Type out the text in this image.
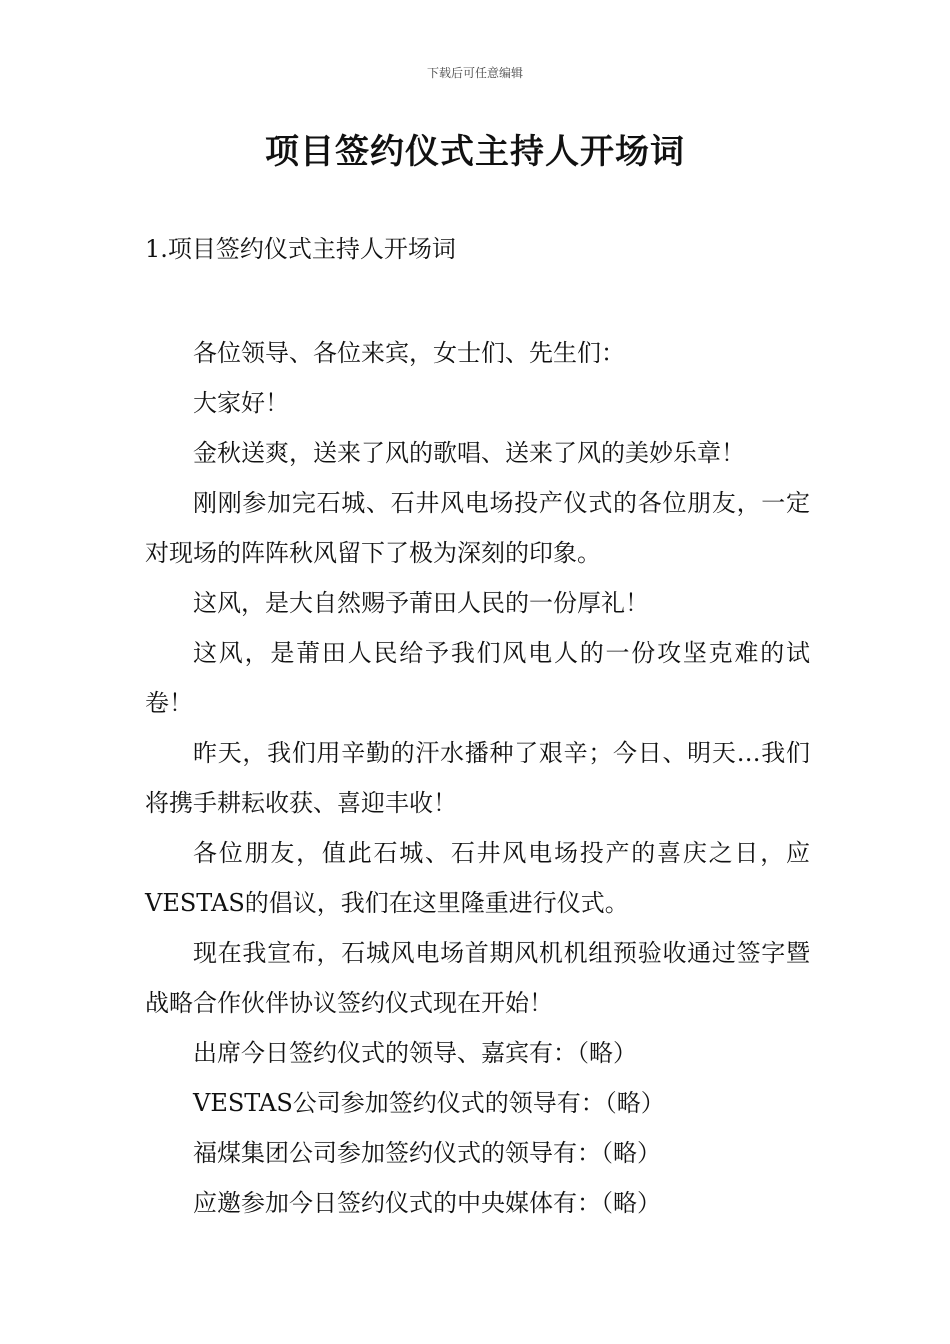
下载后可任意编辑
项目签约仪式主持人开场词
1.项目签约仪式主持人开场词

各位领导、各位来宾，女士们、先生们：

大家好！

金秋送爽，送来了风的歌唱、送来了风的美妙乐章！

刚刚参加完石城、石井风电场投产仪式的各位朋友，一定对现场的阵阵秋风留下了极为深刻的印象。

这风，是大自然赐予莆田人民的一份厚礼！

这风，是莆田人民给予我们风电人的一份攻坚克难的试卷！

昨天，我们用辛勤的汗水播种了艰辛；今日、明天…我们将携手耕耘收获、喜迎丰收！

各位朋友，值此石城、石井风电场投产的喜庆之日，应VESTAS的倡议，我们在这里隆重进行仪式。

现在我宣布，石城风电场首期风机机组预验收通过签字暨战略合作伙伴协议签约仪式现在开始！

出席今日签约仪式的领导、嘉宾有：（略）

VESTAS公司参加签约仪式的领导有：（略）

福煤集团公司参加签约仪式的领导有：（略）

应邀参加今日签约仪式的中央媒体有：（略）
